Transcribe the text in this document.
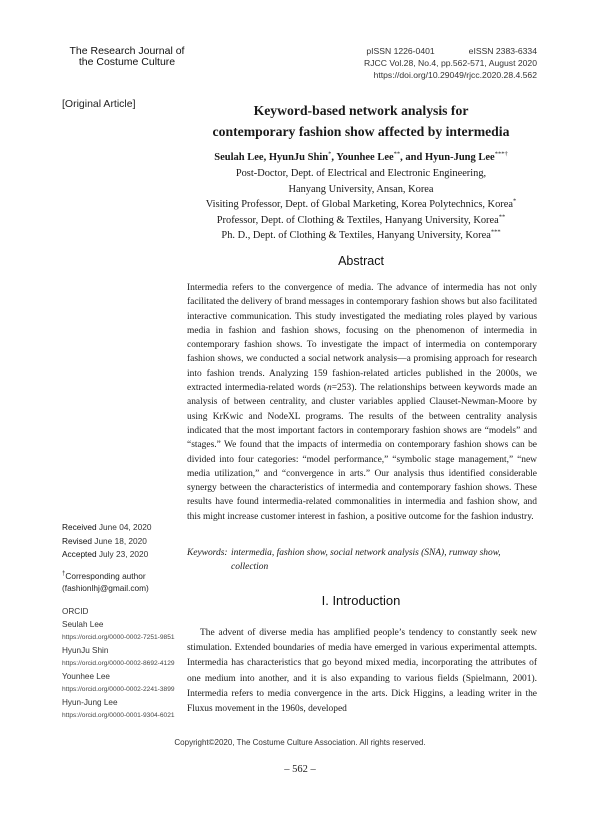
The Research Journal of
the Costume Culture
pISSN 1226-0401	eISSN 2383-6334
RJCC Vol.28, No.4, pp.562-571, August 2020
https://doi.org/10.29049/rjcc.2020.28.4.562
[Original Article]	Keyword-based network analysis for
contemporary fashion show affected by intermedia
Seulah Lee, HyunJu Shin*, Younhee Lee**, and Hyun-Jung Lee***†
Post-Doctor, Dept. of Electrical and Electronic Engineering,
Hanyang University, Ansan, Korea
Visiting Professor, Dept. of Global Marketing, Korea Polytechnics, Korea*
Professor, Dept. of Clothing & Textiles, Hanyang University, Korea**
Ph. D., Dept. of Clothing & Textiles, Hanyang University, Korea***
Abstract

Intermedia refers to the convergence of media. The advance of intermedia has not only facilitated the delivery of brand messages in contemporary fashion shows but also facilitated interactive communication. This study investigated the mediating roles played by various media in fashion and fashion shows, focusing on the phenomenon of intermedia in contemporary fashion shows. To investigate the impact of intermedia on contemporary fashion shows, we conducted a social network analysis—a promising approach for research into fashion trends. Analyzing 159 fashion-related articles published in the 2000s, we extracted intermedia-related words (n=253). The relationships between keywords made an analysis of between centrality, and cluster variables applied Clauset-Newman-Moore by using KrKwic and NodeXL programs. The results of the between centrality analysis indicated that the most important factors in contemporary fashion shows are “models” and “stages.” We found that the impacts of intermedia on contemporary fashion shows can be divided into four categories: “model performance,” “symbolic stage management,” “new media utilization,” and “convergence in arts.” Our analysis thus identified considerable synergy between the characteristics of intermedia and contemporary fashion shows. These results have found intermedia-related commonalities in intermedia and fashion show, and this might increase customer interest in fashion, a positive outcome for the fashion industry.

Keywords: intermedia, fashion show, social network analysis (SNA), runway show, collection
Received June 04, 2020
Revised June 18, 2020
Accepted July 23, 2020
†Corresponding author
(fashionlhj@gmail.com)
ORCID
Seulah Lee
https://orcid.org/0000-0002-7251-9851
HyunJu Shin
https://orcid.org/0000-0002-8692-4129
Younhee Lee
https://orcid.org/0000-0002-2241-3899
Hyun-Jung Lee
https://orcid.org/0000-0001-9304-6021
I. Introduction

The advent of diverse media has amplified people’s tendency to constantly seek new stimulation. Extended boundaries of media have emerged in various experimental attempts. Intermedia has characteristics that go beyond mixed media, incorporating the attributes of one medium into another, and it is also expanding to various fields (Spielmann, 2001). Intermedia refers to media convergence in the arts. Dick Higgins, a leading writer in the Fluxus movement in the 1960s, developed

Copyright©2020, The Costume Culture Association. All rights reserved.
– 562 –
